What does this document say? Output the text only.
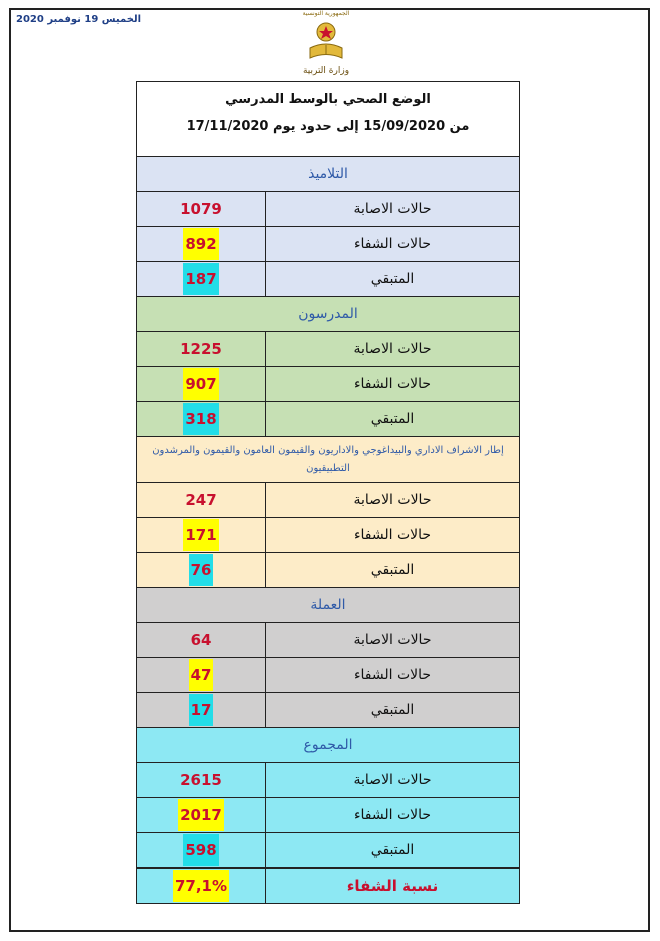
الخميس 19 نوفمبر 2020
الجمهورية التونسية
وزارة التربية
الوضع الصحي بالوسط المدرسي
من 15/09/2020 إلى حدود يوم 17/11/2020
التلاميذ
1079	حالات الاصابة
892	حالات الشفاء
187	المتبقي
المدرسون
1225	حالات الاصابة
907	حالات الشفاء
318	المتبقي
إطار الاشراف الاداري والبيداغوجي والاداريون والقيمون العامون والقيمون والمرشدون التطبيقيون
247	حالات الاصابة
171	حالات الشفاء
76	المتبقي
العملة
64	حالات الاصابة
47	حالات الشفاء
17	المتبقي
المجموع
2615	حالات الاصابة
2017	حالات الشفاء
598	المتبقي
77,1%	نسبة الشفاء
